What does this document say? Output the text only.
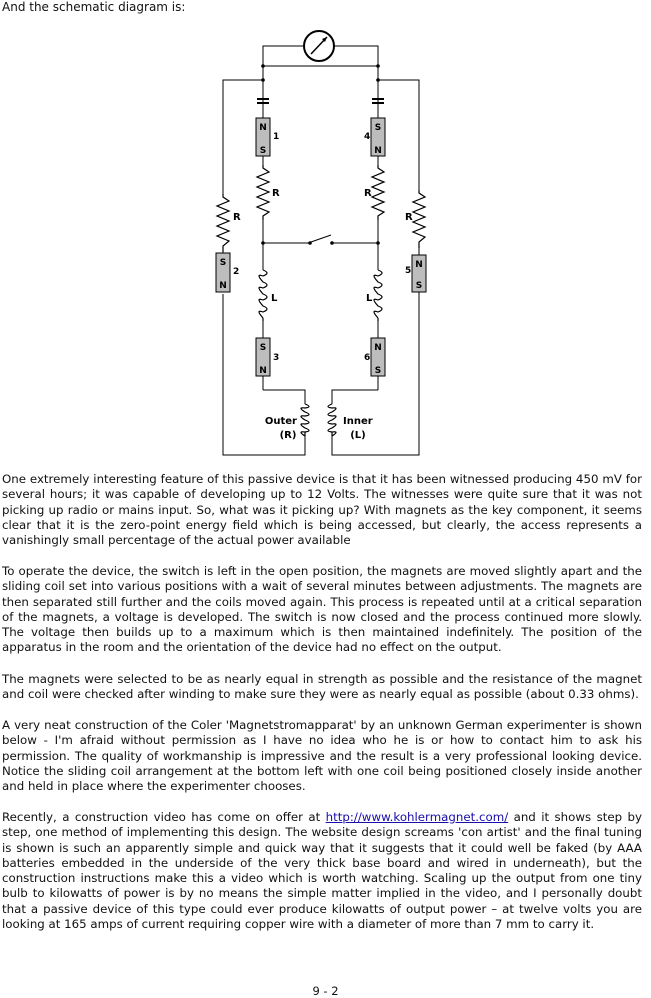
And the schematic diagram is:
N
S
1
S
N
4
S
N
2
N
S
5
S
N
3
N
S
6
R	R
R	R
L	L
Outer
(R)
Inner
(L)

One extremely interesting feature of this passive device is that it has been witnessed producing 450 mV for several hours; it was capable of developing up to 12 Volts. The witnesses were quite sure that it was not picking up radio or mains input. So, what was it picking up? With magnets as the key component, it seems clear that it is the zero-point energy field which is being accessed, but clearly, the access represents a vanishingly small percentage of the actual power available

To operate the device, the switch is left in the open position, the magnets are moved slightly apart and the sliding coil set into various positions with a wait of several minutes between adjustments. The magnets are then separated still further and the coils moved again. This process is repeated until at a critical separation of the magnets, a voltage is developed. The switch is now closed and the process continued more slowly. The voltage then builds up to a maximum which is then maintained indefinitely. The position of the apparatus in the room and the orientation of the device had no effect on the output.

The magnets were selected to be as nearly equal in strength as possible and the resistance of the magnet and coil were checked after winding to make sure they were as nearly equal as possible (about 0.33 ohms).

A very neat construction of the Coler 'Magnetstromapparat' by an unknown German experimenter is shown below - I'm afraid without permission as I have no idea who he is or how to contact him to ask his permission. The quality of workmanship is impressive and the result is a very professional looking device. Notice the sliding coil arrangement at the bottom left with one coil being positioned closely inside another and held in place where the experimenter chooses.

Recently, a construction video has come on offer at http://www.kohlermagnet.com/ and it shows step by step, one method of implementing this design. The website design screams 'con artist' and the final tuning is shown is such an apparently simple and quick way that it suggests that it could well be faked (by AAA batteries embedded in the underside of the very thick base board and wired in underneath), but the construction instructions make this a video which is worth watching. Scaling up the output from one tiny bulb to kilowatts of power is by no means the simple matter implied in the video, and I personally doubt that a passive device of this type could ever produce kilowatts of output power – at twelve volts you are looking at 165 amps of current requiring copper wire with a diameter of more than 7 mm to carry it.

9 - 2
